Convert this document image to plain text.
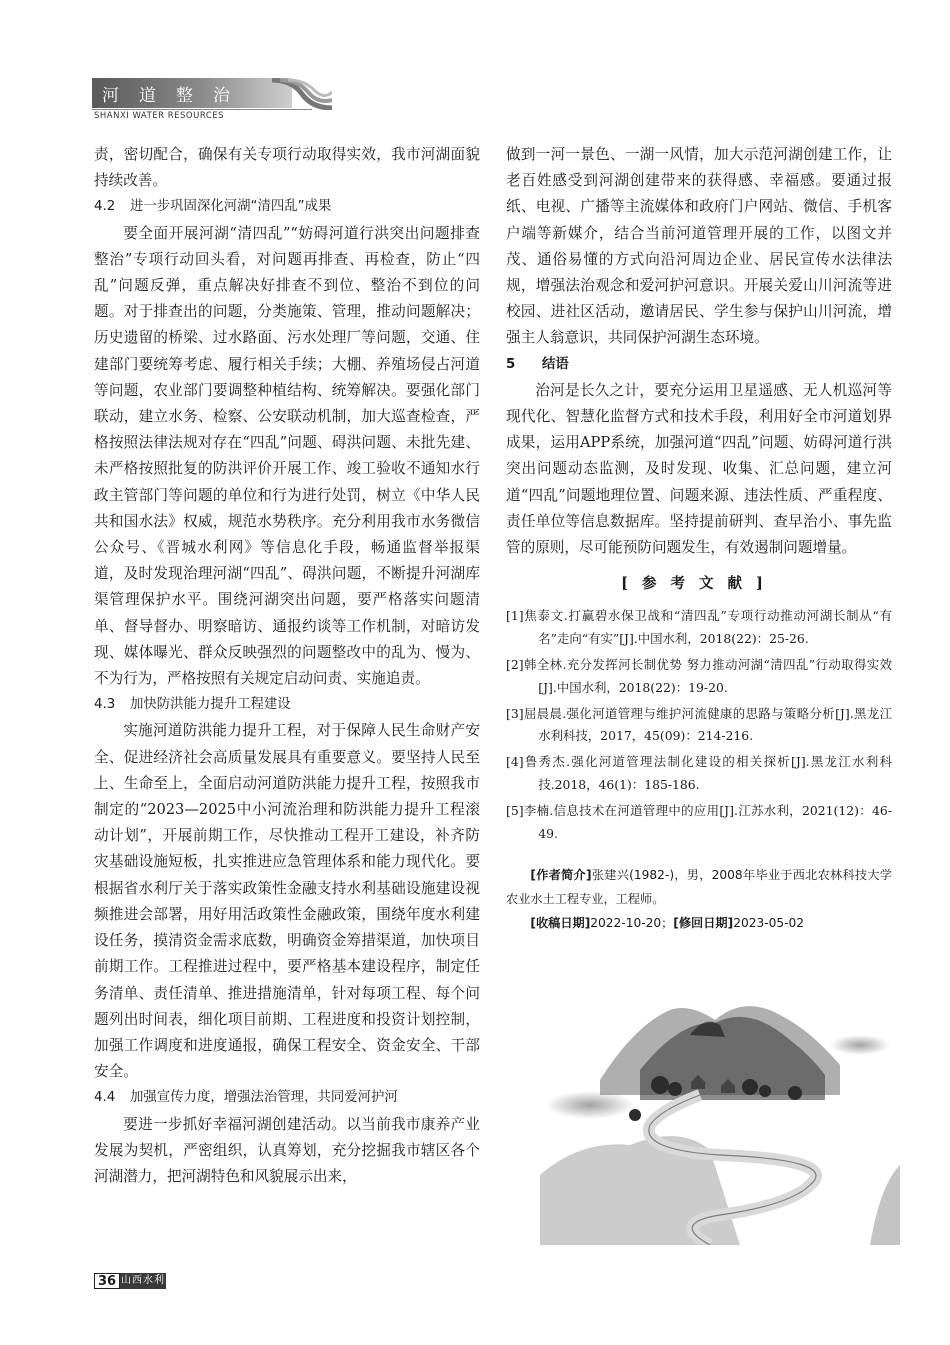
河道整治
SHANXI WATER RESOURCES

责，密切配合，确保有关专项行动取得实效，我市河湖面貌持续改善。

4.2 进一步巩固深化河湖“清四乱”成果

要全面开展河湖“清四乱”“妨碍河道行洪突出问题排查整治”专项行动回头看，对问题再排查、再检查，防止“四乱”问题反弹，重点解决好排查不到位、整治不到位的问题。对于排查出的问题，分类施策、管理，推动问题解决；历史遗留的桥梁、过水路面、污水处理厂等问题，交通、住建部门要统筹考虑、履行相关手续；大棚、养殖场侵占河道等问题，农业部门要调整种植结构、统筹解决。要强化部门联动，建立水务、检察、公安联动机制，加大巡查检查，严格按照法律法规对存在“四乱”问题、碍洪问题、未批先建、未严格按照批复的防洪评价开展工作、竣工验收不通知水行政主管部门等问题的单位和行为进行处罚，树立《中华人民共和国水法》权威，规范水势秩序。充分利用我市水务微信公众号、《晋城水利网》等信息化手段，畅通监督举报渠道，及时发现治理河湖“四乱”、碍洪问题，不断提升河湖库渠管理保护水平。围绕河湖突出问题，要严格落实问题清单、督导督办、明察暗访、通报约谈等工作机制，对暗访发现、媒体曝光、群众反映强烈的问题整改中的乱为、慢为、不为行为，严格按照有关规定启动问责、实施追责。

4.3 加快防洪能力提升工程建设

实施河道防洪能力提升工程，对于保障人民生命财产安全、促进经济社会高质量发展具有重要意义。要坚持人民至上、生命至上，全面启动河道防洪能力提升工程，按照我市制定的“2023—2025中小河流治理和防洪能力提升工程滚动计划”，开展前期工作，尽快推动工程开工建设，补齐防灾基础设施短板，扎实推进应急管理体系和能力现代化。要根据省水利厅关于落实政策性金融支持水利基础设施建设视频推进会部署，用好用活政策性金融政策，围绕年度水利建设任务，摸清资金需求底数，明确资金筹措渠道，加快项目前期工作。工程推进过程中，要严格基本建设程序，制定任务清单、责任清单、推进措施清单，针对每项工程、每个问题列出时间表，细化项目前期、工程进度和投资计划控制，加强工作调度和进度通报，确保工程安全、资金安全、干部安全。

4.4 加强宣传力度，增强法治管理，共同爱河护河

要进一步抓好幸福河湖创建活动。以当前我市康养产业发展为契机，严密组织，认真筹划，充分挖掘我市辖区各个河湖潜力，把河湖特色和风貌展示出来，

做到一河一景色、一湖一风情，加大示范河湖创建工作，让老百姓感受到河湖创建带来的获得感、幸福感。要通过报纸、电视、广播等主流媒体和政府门户网站、微信、手机客户端等新媒介，结合当前河道管理开展的工作，以图文并茂、通俗易懂的方式向沿河周边企业、居民宣传水法律法规，增强法治观念和爱河护河意识。开展关爱山川河流等进校园、进社区活动，邀请居民、学生参与保护山川河流，增强主人翁意识，共同保护河湖生态环境。

5 结语

治河是长久之计，要充分运用卫星遥感、无人机巡河等现代化、智慧化监督方式和技术手段，利用好全市河道划界成果，运用APP系统，加强河道“四乱”问题、妨碍河道行洪突出问题动态监测，及时发现、收集、汇总问题，建立河道“四乱”问题地理位置、问题来源、违法性质、严重程度、责任单位等信息数据库。坚持提前研判、查早治小、事先监管的原则，尽可能预防问题发生，有效遏制问题增量。

[参考文献]

[1]焦泰文.打赢碧水保卫战和“清四乱”专项行动推动河湖长制从“有名”走向“有实”[J].中国水利，2018(22)：25-26.

[2]韩全林.充分发挥河长制优势 努力推动河湖“清四乱”行动取得实效[J].中国水利，2018(22)：19-20.

[3]屈晨晨.强化河道管理与维护河流健康的思路与策略分析[J].黑龙江水利科技，2017，45(09)：214-216.

[4]鲁秀杰.强化河道管理法制化建设的相关探析[J].黑龙江水利科技.2018，46(1)：185-186.

[5]李楠.信息技术在河道管理中的应用[J].江苏水利，2021(12)：46-49.

[作者简介]张建兴(1982-)，男，2008年毕业于西北农林科技大学农业水土工程专业，工程师。

[收稿日期]2022-10-20；[修回日期]2023-05-02

36 山西水利
